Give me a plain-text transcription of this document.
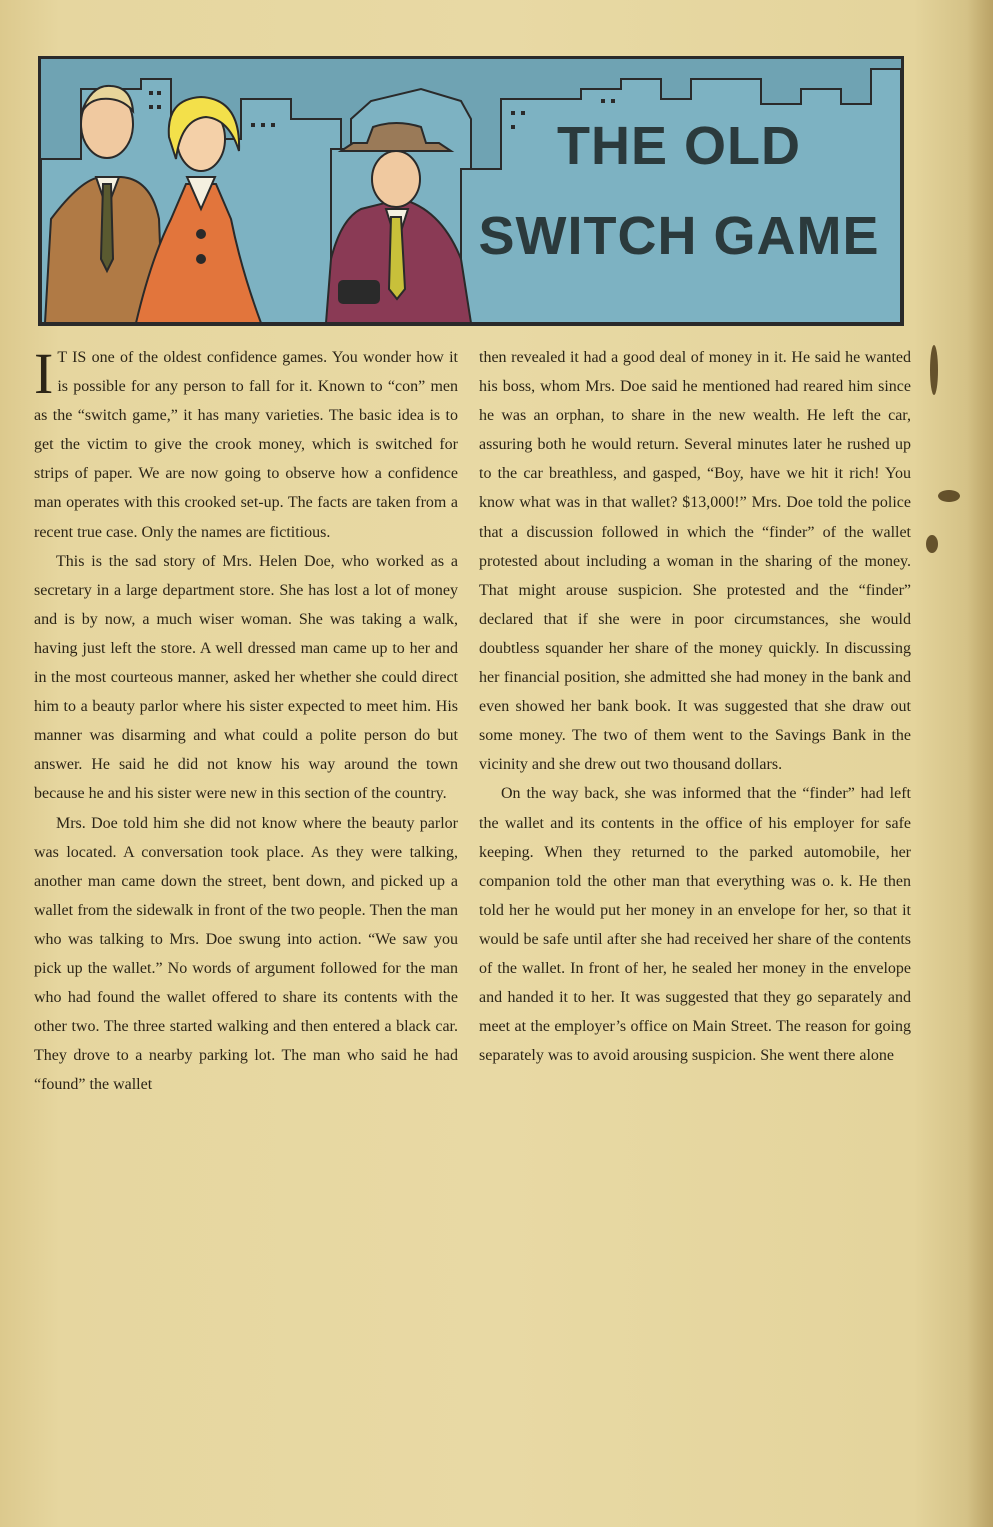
THE OLD
SWITCH GAME

I T IS one of the oldest confidence games. You wonder how it is possible for any person to fall for it. Known to “con” men as the “switch game,” it has many varieties. The basic idea is to get the victim to give the crook money, which is switched for strips of paper. We are now going to observe how a confidence man operates with this crooked set-up. The facts are taken from a recent true case. Only the names are fictitious.

This is the sad story of Mrs. Helen Doe, who worked as a secretary in a large department store. She has lost a lot of money and is by now, a much wiser woman. She was taking a walk, having just left the store. A well dressed man came up to her and in the most courteous manner, asked her whether she could direct him to a beauty parlor where his sister expected to meet him. His manner was disarming and what could a polite person do but answer. He said he did not know his way around the town because he and his sister were new in this section of the country.

Mrs. Doe told him she did not know where the beauty parlor was located. A conversation took place. As they were talking, another man came down the street, bent down, and picked up a wallet from the sidewalk in front of the two people. Then the man who was talking to Mrs. Doe swung into action. “We saw you pick up the wallet.” No words of argument followed for the man who had found the wallet offered to share its contents with the other two. The three started walking and then entered a black car. They drove to a nearby parking lot. The man who said he had “found” the wallet

then revealed it had a good deal of money in it. He said he wanted his boss, whom Mrs. Doe said he mentioned had reared him since he was an orphan, to share in the new wealth. He left the car, assuring both he would return. Several minutes later he rushed up to the car breathless, and gasped, “Boy, have we hit it rich! You know what was in that wallet? $13,000!” Mrs. Doe told the police that a discussion followed in which the “finder” of the wallet protested about including a woman in the sharing of the money. That might arouse suspicion. She protested and the “finder” declared that if she were in poor circumstances, she would doubtless squander her share of the money quickly. In discussing her financial position, she admitted she had money in the bank and even showed her bank book. It was suggested that she draw out some money. The two of them went to the Savings Bank in the vicinity and she drew out two thousand dollars.

On the way back, she was informed that the “finder” had left the wallet and its contents in the office of his employer for safe keeping. When they returned to the parked automobile, her companion told the other man that everything was o. k. He then told her he would put her money in an envelope for her, so that it would be safe until after she had received her share of the contents of the wallet. In front of her, he sealed her money in the envelope and handed it to her. It was suggested that they go separately and meet at the employer’s office on Main Street. The reason for going separately was to avoid arousing suspicion. She went there alone
